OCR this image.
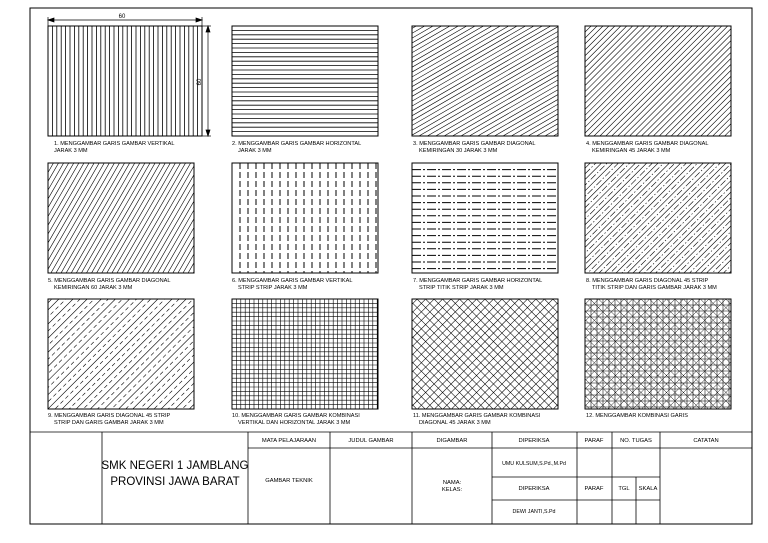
60
60
1. MENGGAMBAR GARIS GAMBAR VERTIKAL JARAK 3 MM
2. MENGGAMBAR GARIS GAMBAR HORIZONTAL JARAK 3 MM
3. MENGGAMBAR GARIS GAMBAR DIAGONAL KEMIRINGAN 30 JARAK 3 MM
4. MENGGAMBAR GARIS GAMBAR DIAGONAL KEMIRINGAN 45 JARAK 3 MM
5. MENGGAMBAR GARIS GAMBAR DIAGONAL KEMIRINGAN 60 JARAK 3 MM
6. MENGGAMBAR GARIS GAMBAR VERTIKAL STRIP STRIP JARAK 3 MM
7. MENGGAMBAR GARIS GAMBAR HORIZONTAL STRIP TITIK STRIP JARAK 3 MM
8. MENGGAMBAR GARIS DIAGONAL 45 STRIP TITIK STRIP DAN GARIS GAMBAR JARAK 3 MM
9. MENGGAMBAR GARIS DIAGONAL 45 STRIP STRIP DAN GARIS GAMBAR JARAK 3 MM
10. MENGGAMBAR GARIS GAMBAR KOMBINASI VERTIKAL DAN HORIZONTAL JARAK 3 MM
11. MENGGAMBAR GARIS GAMBAR KOMBINASI DIAGONAL 45 JARAK 3 MM
12. MENGGAMBAR KOMBINASI GARIS
SMK NEGERI 1 JAMBLANG
PROVINSI JAWA BARAT
MATA PELAJARAAN
GAMBAR TEKNIK
JUDUL GAMBAR	DIGAMBAR
NAMA:
KELAS:
DIPERIKSA
UMU KULSUM,S.Pd.,M.Pd
DIPERIKSA
DEWI JANTI,S.Pd
PARAF
PARAF
NO. TUGAS
TGL SKALA
CATATAN
